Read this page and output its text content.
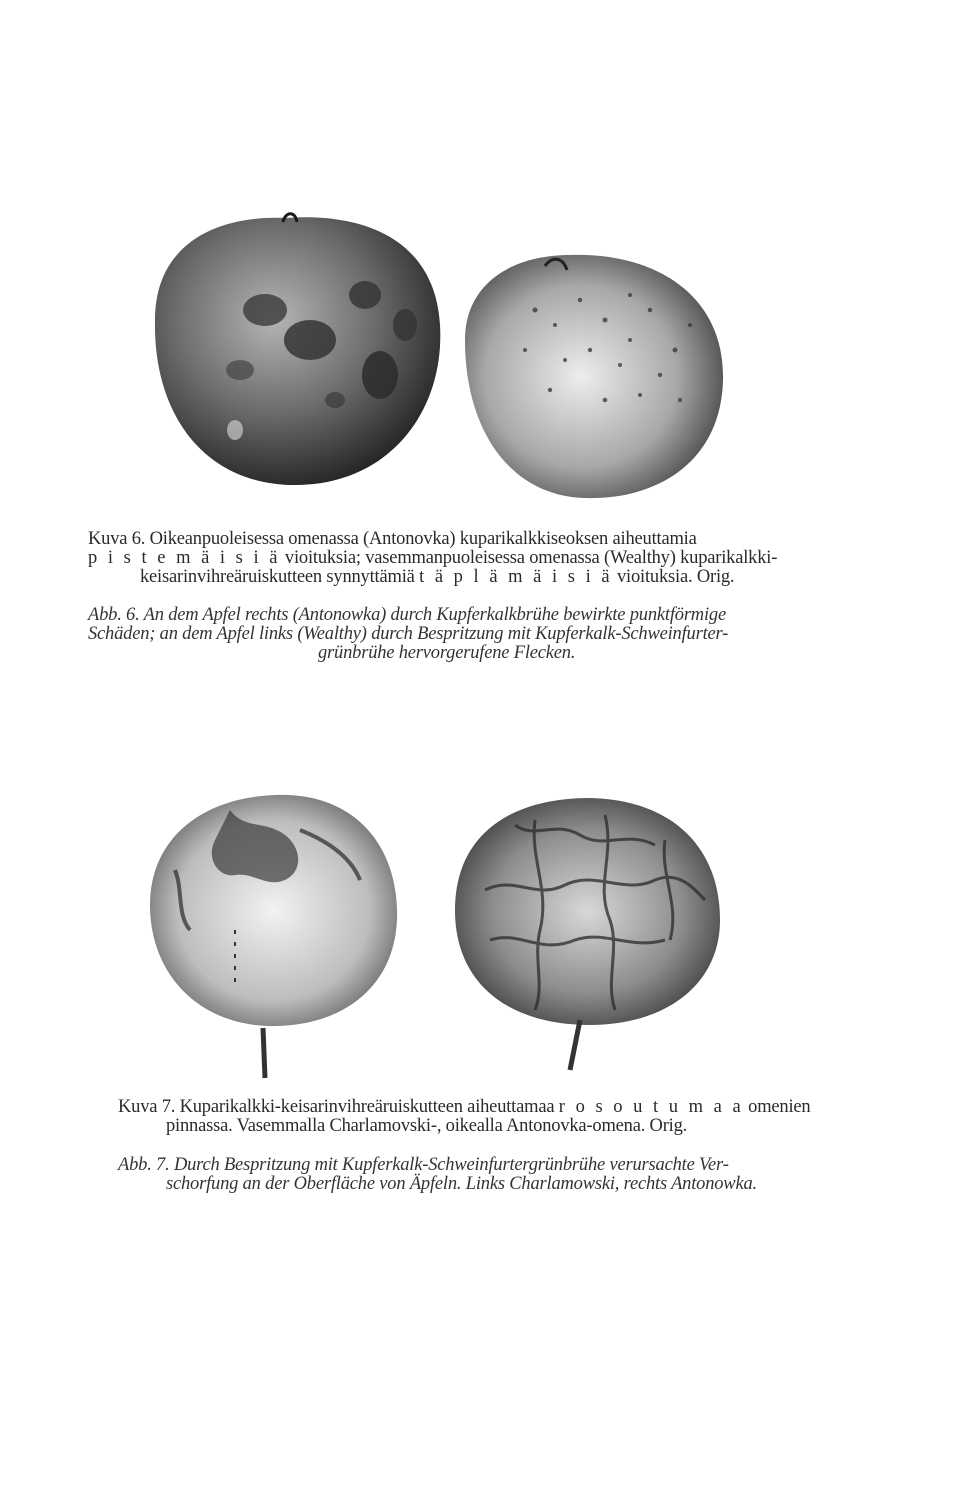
Kuva 6. Oikeanpuoleisessa omenassa (Antonovka) kuparikalkkiseoksen aiheuttamia
p i s t e m ä i s i ä vioituksia; vasemmanpuoleisessa omenassa (Wealthy) kuparikalkki-
keisarinvihreäruiskutteen synnyttämiä t ä p l ä m ä i s i ä vioituksia. Orig.
Abb. 6. An dem Apfel rechts (Antonowka) durch Kupferkalkbrühe bewirkte punktförmige
Schäden; an dem Apfel links (Wealthy) durch Bespritzung mit Kupferkalk-Schweinfurter-
grünbrühe hervorgerufene Flecken.
Kuva 7. Kuparikalkki-keisarinvihreäruiskutteen aiheuttamaa r o s o u t u m a a omenien
pinnassa. Vasemmalla Charlamovski-, oikealla Antonovka-omena. Orig.
Abb. 7. Durch Bespritzung mit Kupferkalk-Schweinfurtergrünbrühe verursachte Ver-
schorfung an der Oberfläche von Äpfeln. Links Charlamowski, rechts Antonowka.
